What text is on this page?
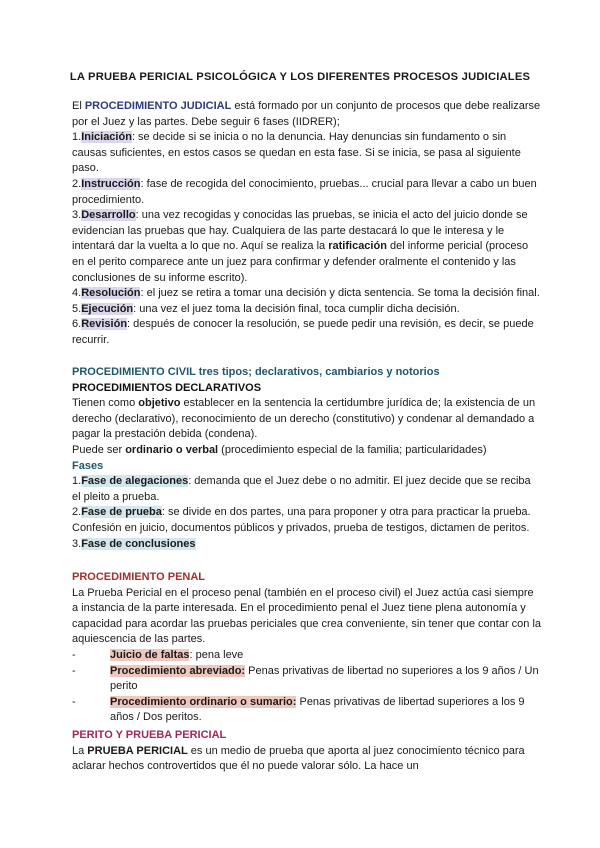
LA PRUEBA PERICIAL PSICOLÓGICA Y LOS DIFERENTES PROCESOS JUDICIALES

El PROCEDIMIENTO JUDICIAL está formado por un conjunto de procesos que debe realizarse por el Juez y las partes. Debe seguir 6 fases (IIDRER);

1.Iniciación: se decide si se inicia o no la denuncia. Hay denuncias sin fundamento o sin causas suficientes, en estos casos se quedan en esta fase. Si se inicia, se pasa al siguiente paso.

2.Instrucción: fase de recogida del conocimiento, pruebas... crucial para llevar a cabo un buen procedimiento.

3.Desarrollo: una vez recogidas y conocidas las pruebas, se inicia el acto del juicio donde se evidencian las pruebas que hay. Cualquiera de las parte destacará lo que le interesa y le intentará dar la vuelta a lo que no. Aquí se realiza la ratificación del informe pericial (proceso en el perito comparece ante un juez para confirmar y defender oralmente el contenido y las conclusiones de su informe escrito).

4.Resolución: el juez se retira a tomar una decisión y dicta sentencia. Se toma la decisión final.

5.Ejecución: una vez el juez toma la decisión final, toca cumplir dicha decisión.

6.Revisión: después de conocer la resolución, se puede pedir una revisión, es decir, se puede recurrir.

PROCEDIMIENTO CIVIL tres tipos; declarativos, cambiarios y notorios

PROCEDIMIENTOS DECLARATIVOS

Tienen como objetivo establecer en la sentencia la certidumbre jurídica de; la existencia de un derecho (declarativo), reconocimiento de un derecho (constitutivo) y condenar al demandado a pagar la prestación debida (condena).

Puede ser ordinario o verbal (procedimiento especial de la familia; particularidades)

Fases

1.Fase de alegaciones: demanda que el Juez debe o no admitir. El juez decide que se reciba el pleito a prueba.

2.Fase de prueba: se divide en dos partes, una para proponer y otra para practicar la prueba. Confesión en juicio, documentos públicos y privados, prueba de testigos, dictamen de peritos.

3.Fase de conclusiones

PROCEDIMIENTO PENAL

La Prueba Pericial en el proceso penal (también en el proceso civil) el Juez actúa casi siempre a instancia de la parte interesada. En el procedimiento penal el Juez tiene plena autonomía y capacidad para acordar las pruebas periciales que crea conveniente, sin tener que contar con la aquiescencia de las partes.

-	Juicio de faltas: pena leve
-	Procedimiento abreviado: Penas privativas de libertad no superiores a los 9 años / Un perito
-	Procedimiento ordinario o sumario: Penas privativas de libertad superiores a los 9 años / Dos peritos.

PERITO Y PRUEBA PERICIAL

La PRUEBA PERICIAL es un medio de prueba que aporta al juez conocimiento técnico para aclarar hechos controvertidos que él no puede valorar sólo. La hace un
